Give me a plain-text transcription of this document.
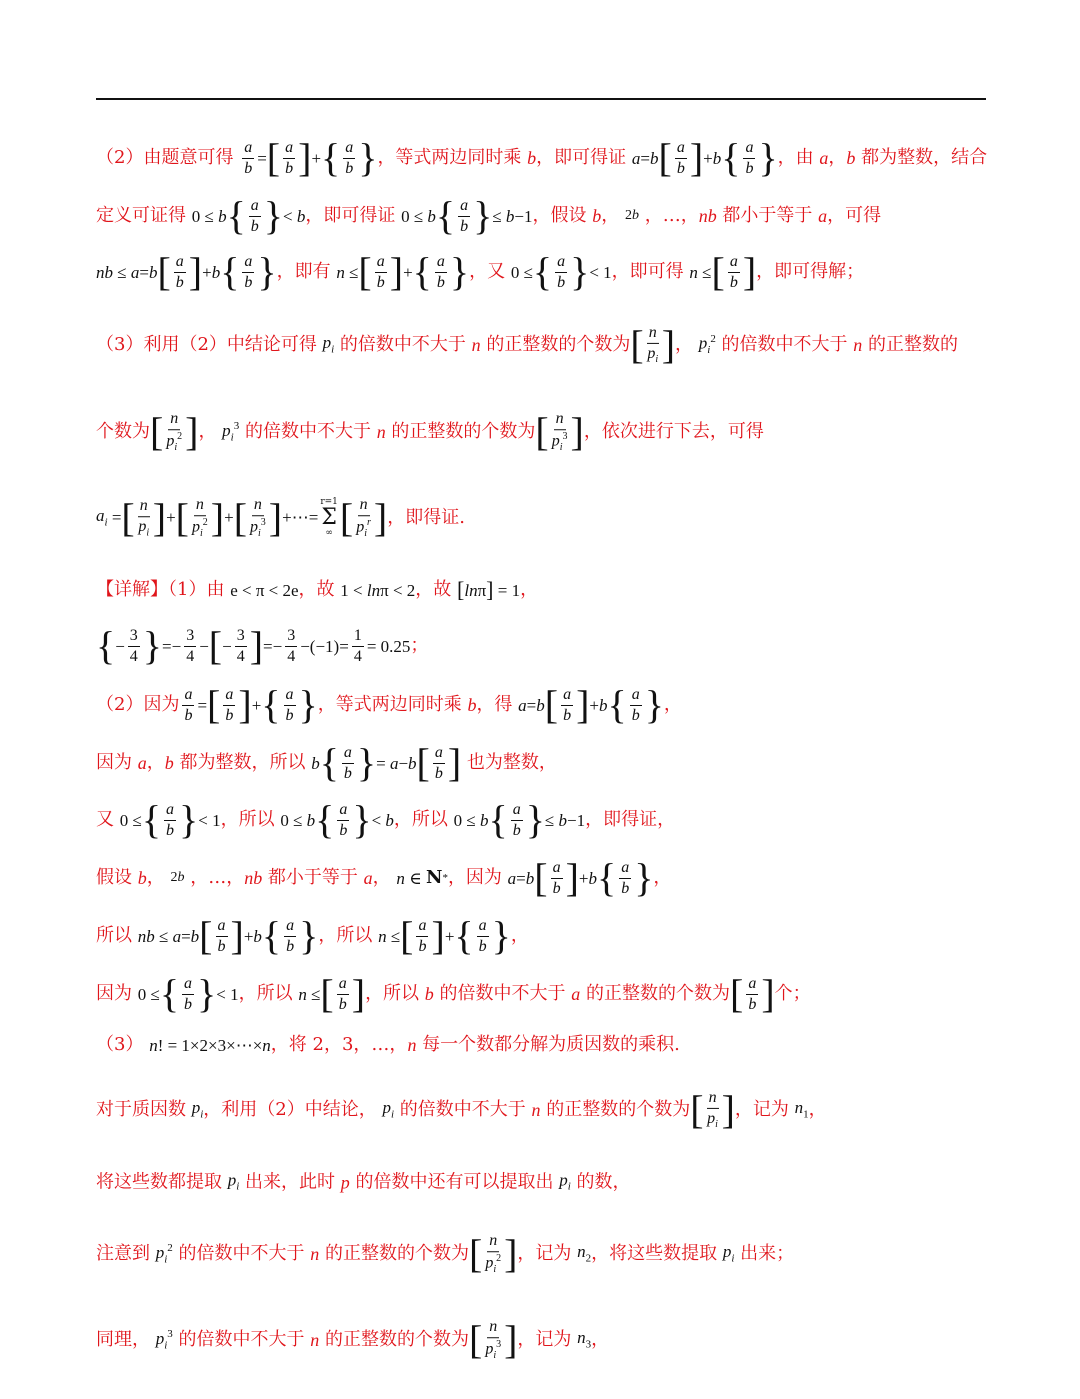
（2）由题意可得 $\frac{a}{b}$ = [ $\frac{a}{b}$ ] + { $\frac{a}{b}$ } ，等式两边同时乘 b ，即可得证 a = b [ $\frac{a}{b}$ ] + b { $\frac{a}{b}$ } ，由 a ， b 都为整数，结合
定义可证得 0 ≤ b { $\frac{a}{b}$ } < b ，即可得证 0 ≤ b { $\frac{a}{b}$ } ≤ b −1 ，假设 b ， 2 b ，…， nb 都小于等于 a ，可得
nb ≤ a = b [ $\frac{a}{b}$ ] + b { $\frac{a}{b}$ } ，即有 n ≤ [ $\frac{a}{b}$ ] + { $\frac{a}{b}$ } ，又 0 ≤ { $\frac{a}{b}$ } < 1 ，即可得 n ≤ [ $\frac{a}{b}$ ] ，即可得解；
（3）利用（2）中结论可得 $p_i$ 的倍数中不大于 n 的正整数的个数为 [ $\frac{n}{p_i}$ ] ， $p_i^2$ 的倍数中不大于 n 的正整数的
个数为 [ $\frac{n}{p_i^2}$ ] ， $p_i^3$ 的倍数中不大于 n 的正整数的个数为 [ $\frac{n}{p_i^3}$ ] ，依次进行下去，可得
$a_i$ = [ $\frac{n}{p_i}$ ] + [ $\frac{n}{p_i^2}$ ] + [ $\frac{n}{p_i^3}$ ] +⋯=
r=1
Σ
∞ [ $\frac{n}{p_i^r}$ ] ，即得证.
【详解】（1）由 e < π < 2e ，故 1 < ln π < 2 ，故 [ ln π ] = 1 ，
{ − $\frac{3}{4}$ } =− $\frac{3}{4}$ − [ − $\frac{3}{4}$ ] =− $\frac{3}{4} -(-1)= \frac{1}{4} = 0.25$ ；
（2）因为 $\frac{a}{b}$ = [ $\frac{a}{b}$ ] + { $\frac{a}{b}$ } ，等式两边同时乘 b ，得 a = b [ $\frac{a}{b}$ ] + b { $\frac{a}{b}$ } ，
因为 a ， b 都为整数，所以 b { $\frac{a}{b}$ } = a − b [ $\frac{a}{b}$ ] 也为整数，
又 0 ≤ { $\frac{a}{b}$ } < 1 ，所以 0 ≤ b { $\frac{a}{b}$ } < b ，所以 0 ≤ b { $\frac{a}{b}$ } ≤ b −1 ，即得证，
假设 b ， 2 b ，…， nb 都小于等于 a ， n ∈ N * ，因为 a = b [ $\frac{a}{b}$ ] + b { $\frac{a}{b}$ } ，
所以 nb ≤ a = b [ $\frac{a}{b}$ ] + b { $\frac{a}{b}$ } ，所以 n ≤ [ $\frac{a}{b}$ ] + { $\frac{a}{b}$ } ，
因为 0 ≤ { $\frac{a}{b}$ } < 1 ，所以 n ≤ [ $\frac{a}{b}$ ] ，所以 b 的倍数中不大于 a 的正整数的个数为 [ $\frac{a}{b}$ ] 个；
（3） n ! = 1×2×3×⋯× n ，将 2，3，…， n 每一个数都分解为质因数的乘积.
对于质因数 $p_i$ ，利用（2）中结论， $p_i$ 的倍数中不大于 n 的正整数的个数为 [ $\frac{n}{p_i}$ ] ，记为 $n_1$ ，
将这些数都提取 $p_i$ 出来，此时 p 的倍数中还有可以提取出 $p_i$ 的数，
注意到 $p_i^2$ 的倍数中不大于 n 的正整数的个数为 [ $\frac{n}{p_i^2}$ ] ，记为 $n_2$ ，将这些数提取 $p_i$ 出来；
同理， $p_i^3$ 的倍数中不大于 n 的正整数的个数为 [ $\frac{n}{p_i^3}$ ] ，记为 $n_3$ ，
